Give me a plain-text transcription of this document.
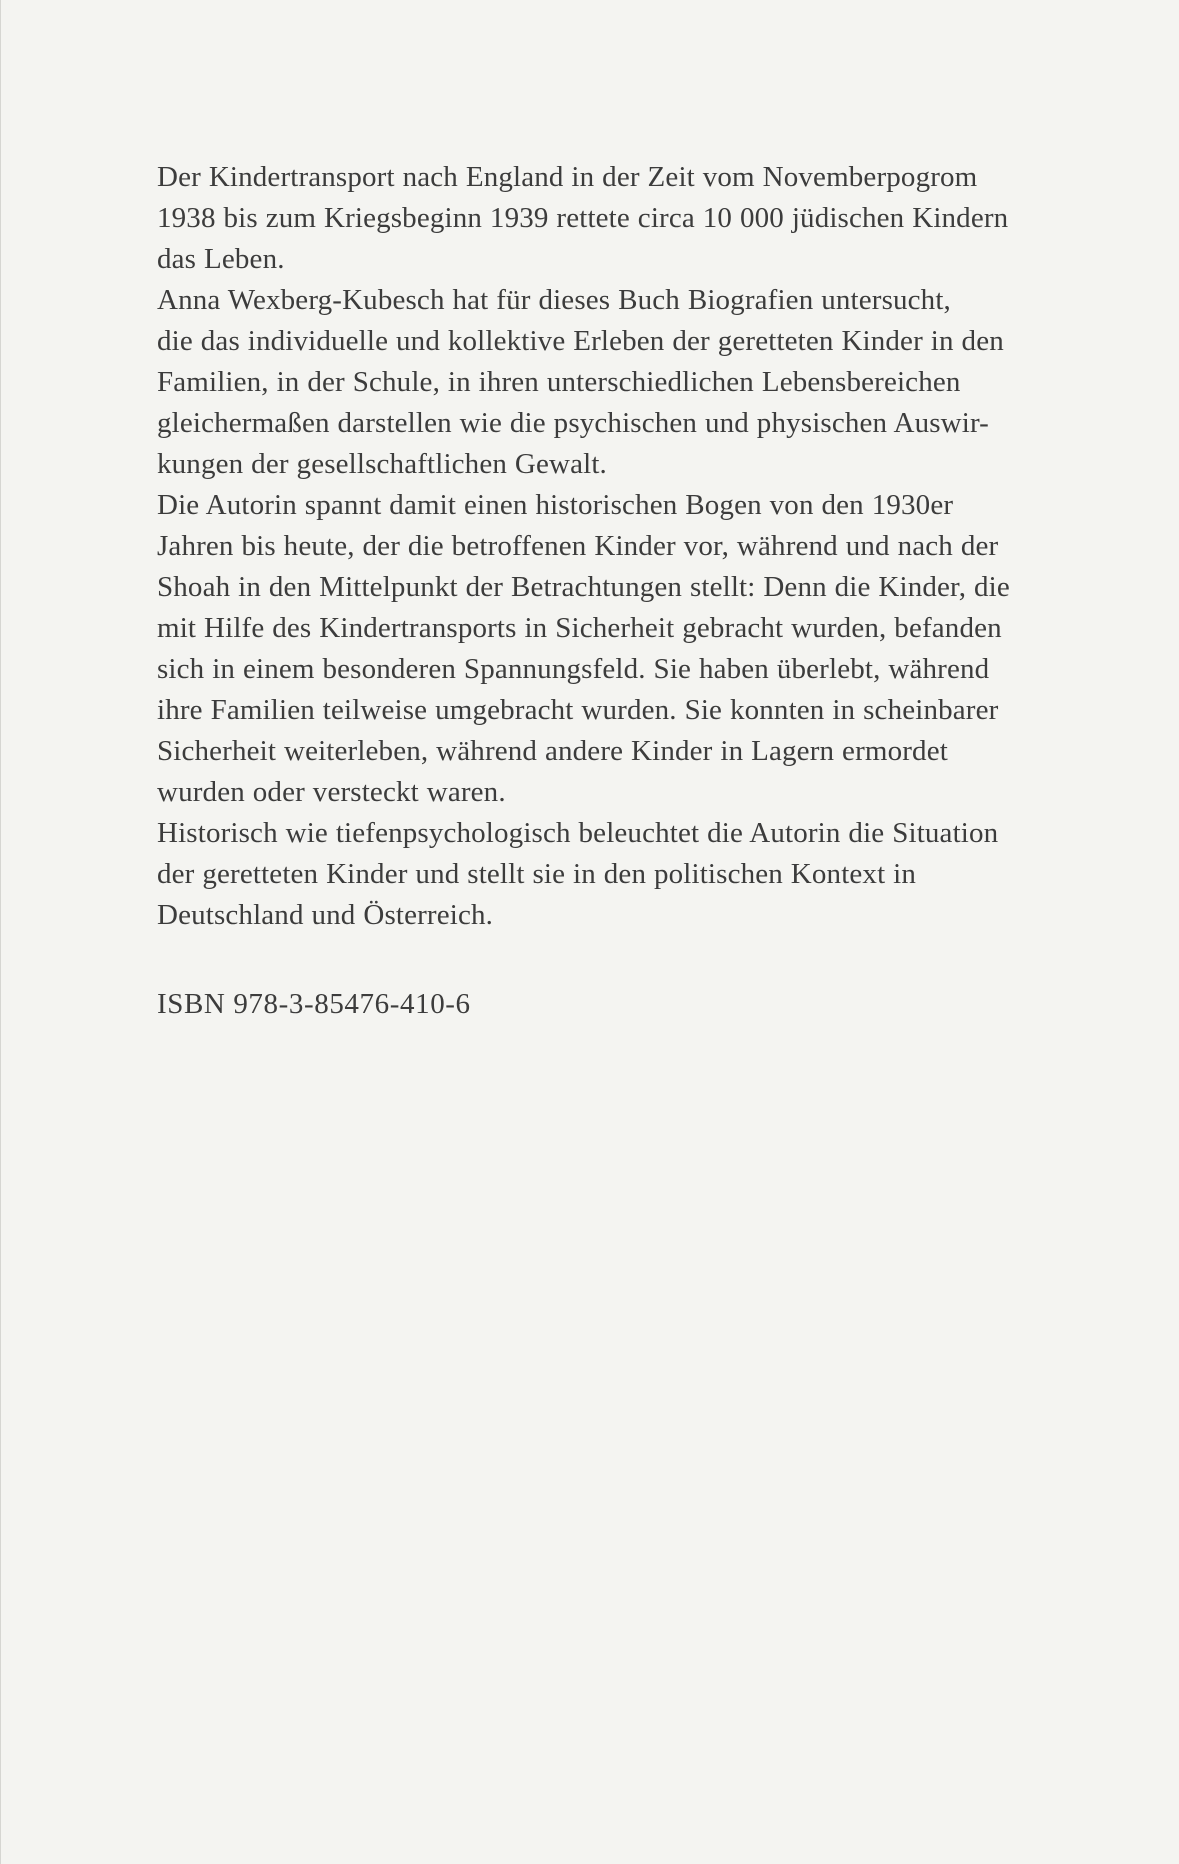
Der Kindertransport nach England in der Zeit vom Novemberpogrom
1938 bis zum Kriegsbeginn 1939 rettete circa 10 000 jüdischen Kindern
das Leben.
Anna Wexberg-Kubesch hat für dieses Buch Biografien untersucht,
die das individuelle und kollektive Erleben der geretteten Kinder in den
Familien, in der Schule, in ihren unterschiedlichen Lebensbereichen
gleichermaßen darstellen wie die psychischen und physischen Auswir-
kungen der gesellschaftlichen Gewalt.
Die Autorin spannt damit einen historischen Bogen von den 1930er
Jahren bis heute, der die betroffenen Kinder vor, während und nach der
Shoah in den Mittelpunkt der Betrachtungen stellt: Denn die Kinder, die
mit Hilfe des Kindertransports in Sicherheit gebracht wurden, befanden
sich in einem besonderen Spannungsfeld. Sie haben überlebt, während
ihre Familien teilweise umgebracht wurden. Sie konnten in scheinbarer
Sicherheit weiterleben, während andere Kinder in Lagern ermordet
wurden oder versteckt waren.
Historisch wie tiefenpsychologisch beleuchtet die Autorin die Situation
der geretteten Kinder und stellt sie in den politischen Kontext in
Deutschland und Österreich.
ISBN 978-3-85476-410-6
